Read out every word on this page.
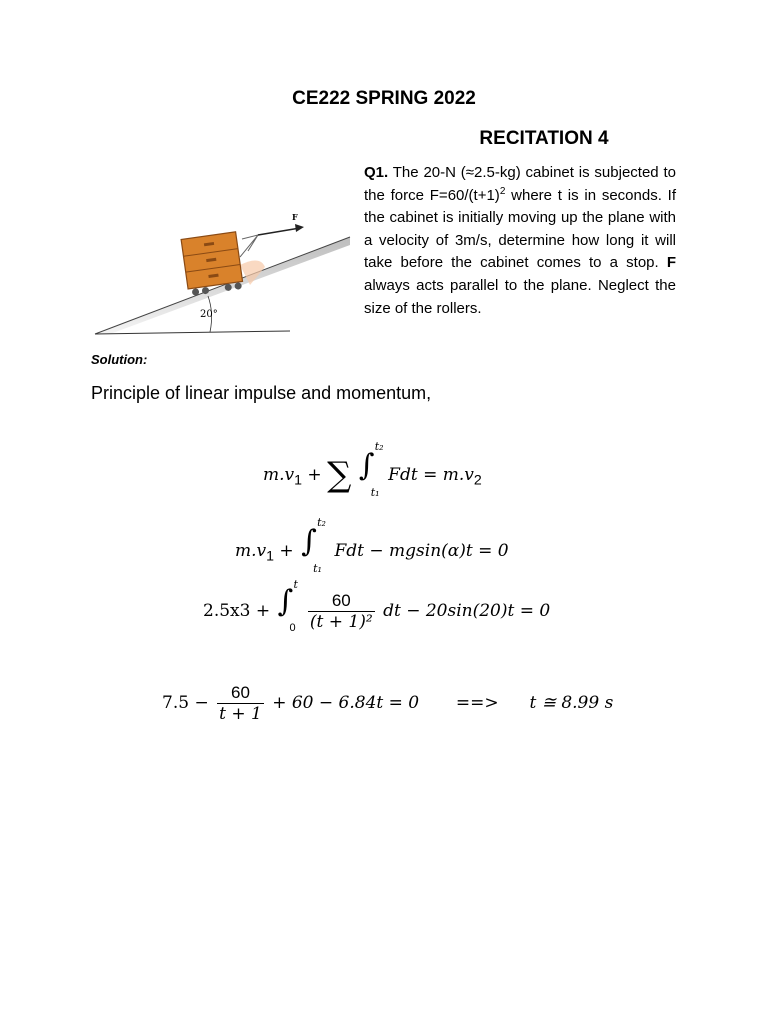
CE222 SPRING 2022
RECITATION 4
Q1. The 20-N (≈2.5-kg) cabinet is subjected to the force $F=60/(t+1)^2$ where t is in seconds. If the cabinet is initially moving up the plane with a velocity of 3m/s, determine how long it will take before the cabinet comes to a stop. F always acts parallel to the plane. Neglect the size of the rollers.
20°
F
Solution:
Principle of linear impulse and momentum,
$m.v_1$ + ∑ ∫
t₂
t₁
Fdt = $m.v_2$
$m.v_1$ + ∫
t₂
t₁
Fdt − mgsin(α)t = 0
2.5x3 + ∫ t
0
$\frac{60}{\text{(t + 1)²}}$ dt − 20sin(20)t = 0
$7.5 - \frac{60}{t + 1} + 60 - 6.84t = 0$ ==> t ≅ 8.99 s
